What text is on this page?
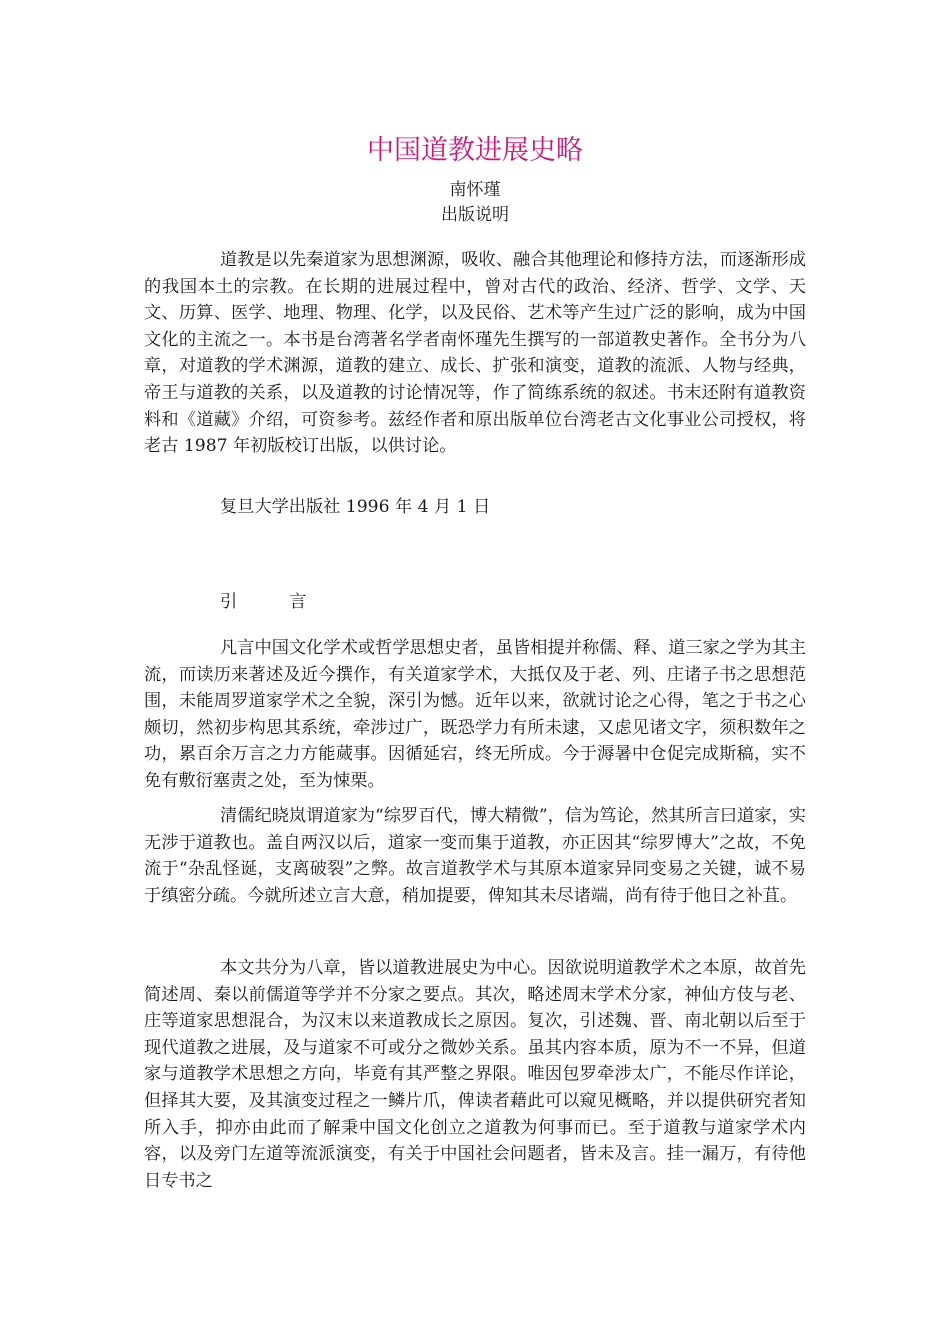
中国道教进展史略
南怀瑾
出版说明

道教是以先秦道家为思想渊源，吸收、融合其他理论和修持方法，而逐渐形成的我国本土的宗教。在长期的进展过程中，曾对古代的政治、经济、哲学、文学、天文、历算、医学、地理、物理、化学，以及民俗、艺术等产生过广泛的影响，成为中国文化的主流之一。本书是台湾著名学者南怀瑾先生撰写的一部道教史著作。全书分为八章，对道教的学术渊源，道教的建立、成长、扩张和演变，道教的流派、人物与经典，帝王与道教的关系，以及道教的讨论情况等，作了简练系统的叙述。书末还附有道教资料和《道藏》介绍，可资参考。兹经作者和原出版单位台湾老古文化事业公司授权，将老古 1987 年初版校订出版，以供讨论。

复旦大学出版社 1996 年 4 月 1 日
引	言

凡言中国文化学术或哲学思想史者，虽皆相提并称儒、释、道三家之学为其主流，而读历来著述及近今撰作，有关道家学术，大抵仅及于老、列、庄诸子书之思想范围，未能周罗道家学术之全貌，深引为憾。近年以来，欲就讨论之心得，笔之于书之心颇切，然初步构思其系统，牵涉过广，既恐学力有所未逮，又虑见诸文字，须积数年之功，累百余万言之力方能蒇事。因循延宕，终无所成。今于溽暑中仓促完成斯稿，实不免有敷衍塞责之处，至为悚栗。

清儒纪晓岚谓道家为“综罗百代，博大精微”，信为笃论，然其所言曰道家，实无涉于道教也。盖自两汉以后，道家一变而集于道教，亦正因其“综罗博大”之故，不免流于“杂乱怪诞，支离破裂”之弊。故言道教学术与其原本道家异同变易之关键，诚不易于缜密分疏。今就所述立言大意，稍加提要，俾知其未尽诸端，尚有待于他日之补苴。

本文共分为八章，皆以道教进展史为中心。因欲说明道教学术之本原，故首先简述周、秦以前儒道等学并不分家之要点。其次，略述周末学术分家，神仙方伎与老、庄等道家思想混合，为汉末以来道教成长之原因。复次，引述魏、晋、南北朝以后至于现代道教之进展，及与道家不可或分之微妙关系。虽其内容本质，原为不一不异，但道家与道教学术思想之方向，毕竟有其严整之界限。唯因包罗牵涉太广，不能尽作详论，但择其大要，及其演变过程之一鳞片爪，俾读者藉此可以窥见概略，并以提供研究者知所入手，抑亦由此而了解秉中国文化创立之道教为何事而已。至于道教与道家学术内容，以及旁门左道等流派演变，有关于中国社会问题者，皆未及言。挂一漏万，有待他日专书之
